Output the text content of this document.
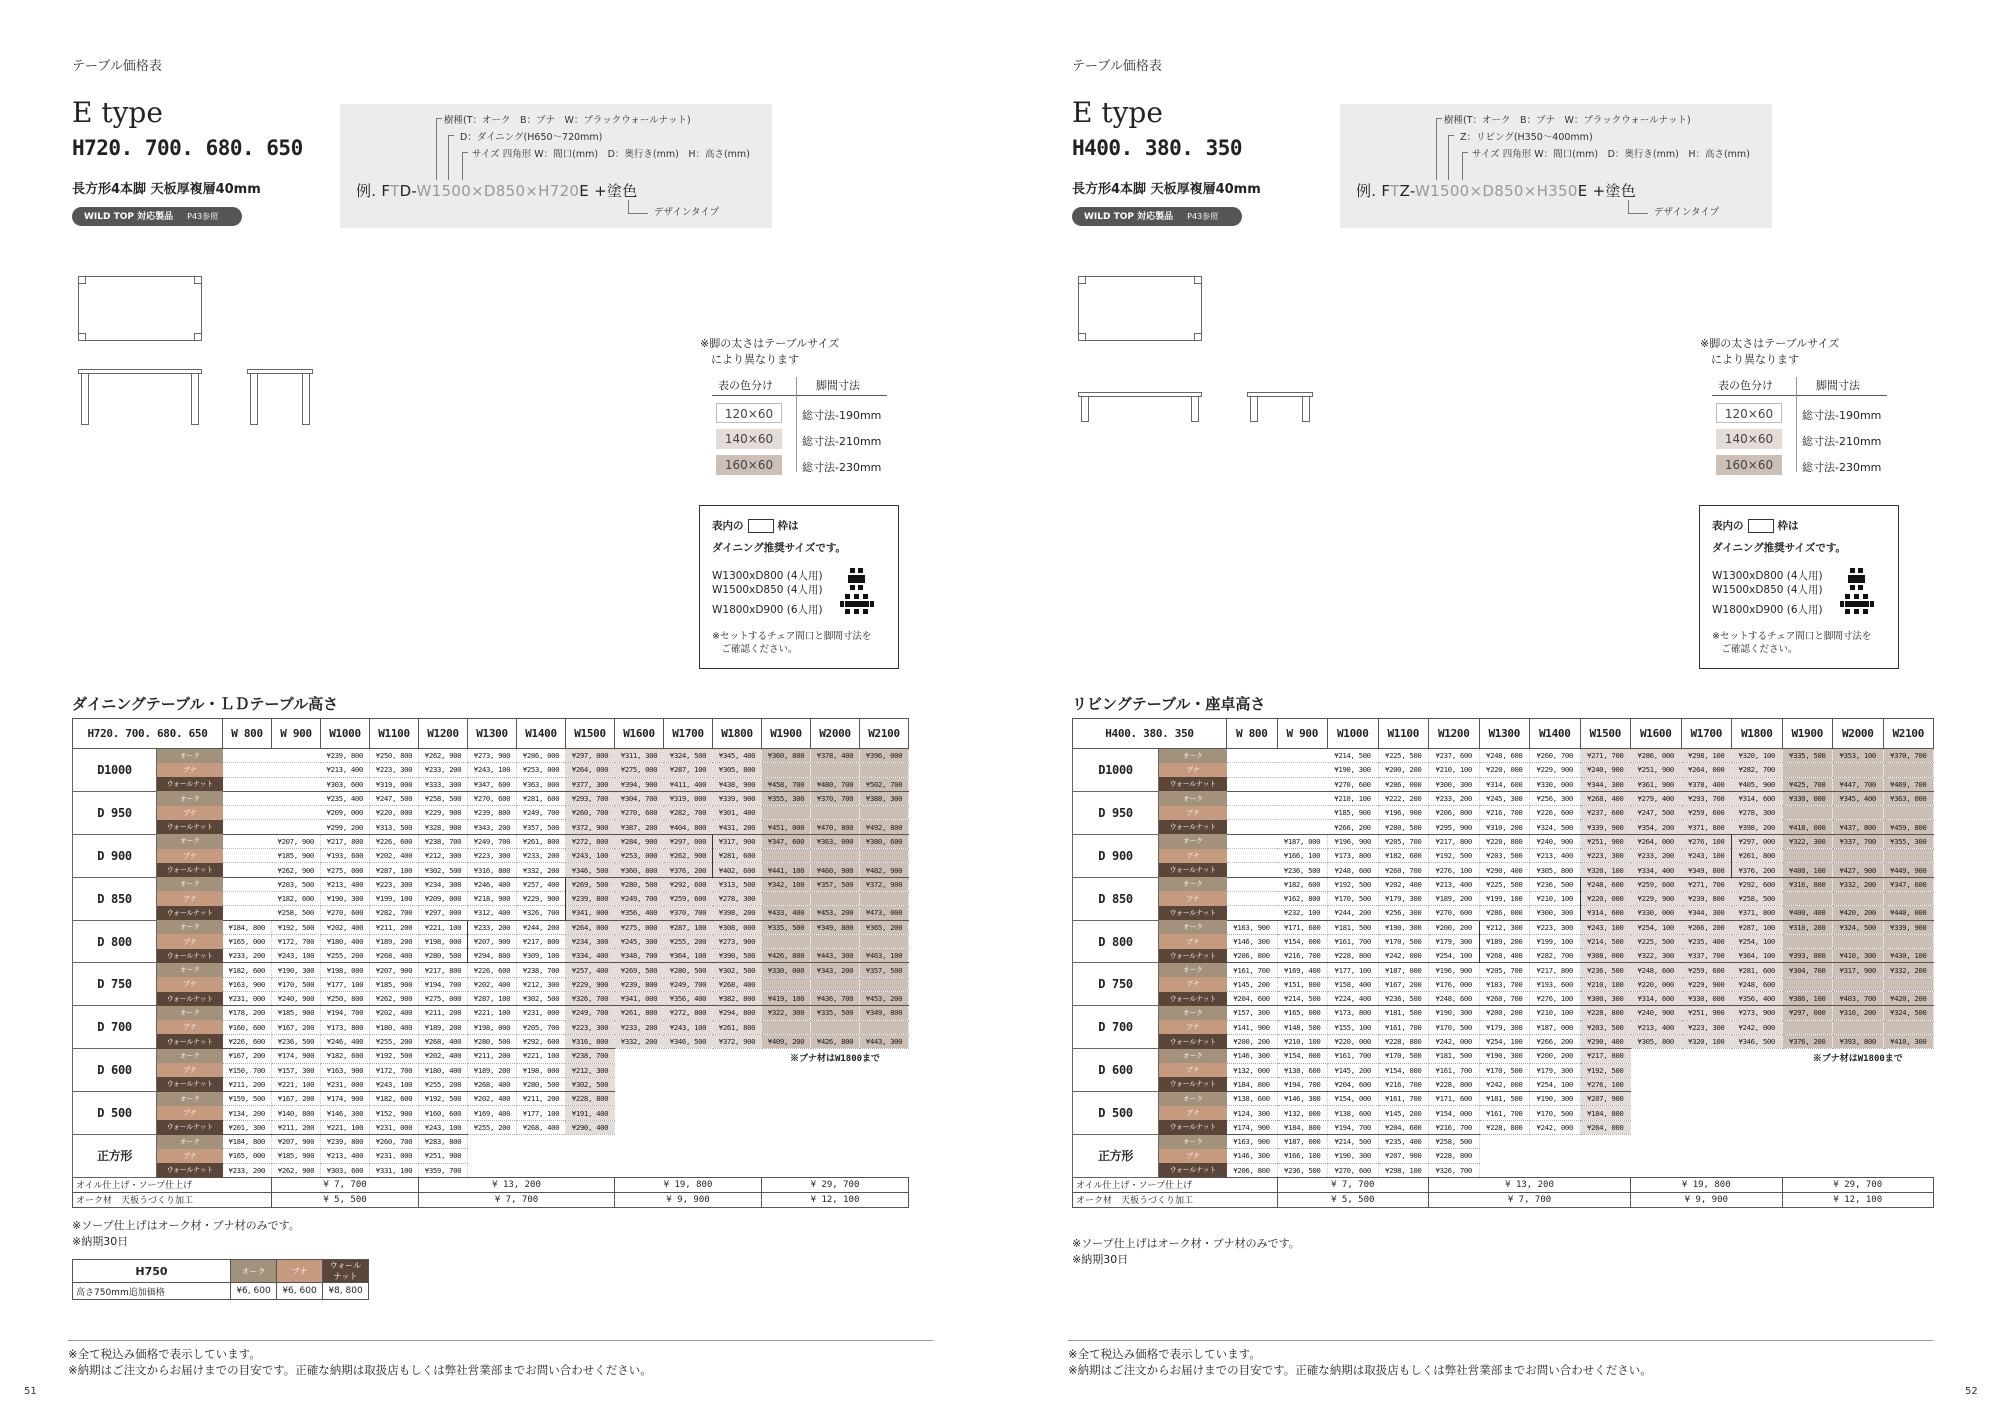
テーブル価格表
E type
H720. 700. 680. 650
長方形4本脚 天板厚複層40mm
WILD TOP 対応製品 P43参照
樹種(T：オーク　B：ブナ　W：ブラックウォールナット)
D：ダイニング(H650〜720mm)
サイズ 四角形 W：間口(mm)　D：奥行き(mm)　H：高さ(mm)
例. FTD-W1500×D850×H720E +塗色
デザインタイプ
※脚の太さはテーブルサイズ
　により異なります
表の色分け	脚間寸法
120×60	総寸法-190mm
140×60	総寸法-210mm
160×60	総寸法-230mm
表内の	枠は
ダイニング推奨サイズです。
W1300xD800 (4人用)
W1500xD850 (4人用)
W1800xD900 (6人用)
※セットするチェア間口と脚間寸法を
　ご確認ください。
ダイニングテーブル・ＬＤテーブル高さ
H720. 700. 680. 650		W 800	W 900	W1000	W1100	W1200	W1300	W1400	W1500	W1600	W1700	W1800	W1900	W2000	W2100
D1000	オーク			¥239, 800	¥250, 800	¥262, 900	¥273, 900	¥286, 000	¥297, 000	¥311, 300	¥324, 500	¥345, 400	¥360, 800	¥378, 400	¥396, 000
	ブナ			¥213, 400	¥223, 300	¥233, 200	¥243, 100	¥253, 000	¥264, 000	¥275, 000	¥287, 100	¥305, 800			
	ウォールナット			¥303, 600	¥319, 000	¥333, 300	¥347, 600	¥363, 000	¥377, 300	¥394, 900	¥411, 400	¥438, 900	¥458, 700	¥480, 700	¥502, 700
D 950	オーク			¥235, 400	¥247, 500	¥258, 500	¥270, 600	¥281, 600	¥293, 700	¥304, 700	¥319, 000	¥339, 900	¥355, 300	¥370, 700	¥388, 300
	ブナ			¥209, 000	¥220, 000	¥229, 900	¥239, 800	¥249, 700	¥260, 700	¥270, 600	¥282, 700	¥301, 400			
	ウォールナット			¥299, 200	¥313, 500	¥328, 900	¥343, 200	¥357, 500	¥372, 900	¥387, 200	¥404, 800	¥431, 200	¥451, 000	¥470, 800	¥492, 800
D 900	オーク		¥207, 900	¥217, 800	¥226, 600	¥238, 700	¥249, 700	¥261, 800	¥272, 800	¥284, 900	¥297, 000	¥317, 900	¥347, 600	¥363, 000	¥380, 600
	ブナ		¥185, 900	¥193, 600	¥202, 400	¥212, 300	¥223, 300	¥233, 200	¥243, 100	¥253, 000	¥262, 900	¥281, 600			
	ウォールナット		¥262, 900	¥275, 000	¥287, 100	¥302, 500	¥316, 800	¥332, 200	¥346, 500	¥360, 800	¥376, 200	¥402, 600	¥441, 100	¥460, 900	¥482, 900
D 850	オーク		¥203, 500	¥213, 400	¥223, 300	¥234, 300	¥246, 400	¥257, 400	¥269, 500	¥280, 500	¥292, 600	¥313, 500	¥342, 100	¥357, 500	¥372, 900
	ブナ		¥182, 600	¥190, 300	¥199, 100	¥209, 000	¥218, 900	¥229, 900	¥239, 800	¥249, 700	¥259, 600	¥278, 300			
	ウォールナット		¥258, 500	¥270, 600	¥282, 700	¥297, 000	¥312, 400	¥326, 700	¥341, 000	¥356, 400	¥370, 700	¥398, 200	¥433, 400	¥453, 200	¥473, 000
D 800	オーク	¥184, 800	¥192, 500	¥202, 400	¥211, 200	¥221, 100	¥233, 200	¥244, 200	¥264, 000	¥275, 000	¥287, 100	¥308, 000	¥335, 500	¥349, 800	¥365, 200
	ブナ	¥165, 000	¥172, 700	¥180, 400	¥189, 200	¥198, 000	¥207, 900	¥217, 800	¥234, 300	¥245, 300	¥255, 200	¥273, 900			
	ウォールナット	¥233, 200	¥243, 100	¥255, 200	¥268, 400	¥280, 500	¥294, 800	¥309, 100	¥334, 400	¥348, 700	¥364, 100	¥390, 500	¥426, 800	¥443, 300	¥463, 100
D 750	オーク	¥182, 600	¥190, 300	¥198, 000	¥207, 900	¥217, 800	¥226, 600	¥238, 700	¥257, 400	¥269, 500	¥280, 500	¥302, 500	¥330, 000	¥343, 200	¥357, 500
	ブナ	¥163, 900	¥170, 500	¥177, 100	¥185, 900	¥194, 700	¥202, 400	¥212, 300	¥229, 900	¥239, 800	¥249, 700	¥268, 400			
	ウォールナット	¥231, 000	¥240, 900	¥250, 800	¥262, 900	¥275, 000	¥287, 100	¥302, 500	¥326, 700	¥341, 000	¥356, 400	¥382, 800	¥419, 100	¥436, 700	¥453, 200
D 700	オーク	¥178, 200	¥185, 900	¥194, 700	¥202, 400	¥211, 200	¥221, 100	¥231, 000	¥249, 700	¥261, 800	¥272, 800	¥294, 800	¥322, 300	¥335, 500	¥349, 800
	ブナ	¥160, 600	¥167, 200	¥173, 800	¥180, 400	¥189, 200	¥198, 000	¥205, 700	¥223, 300	¥233, 200	¥243, 100	¥261, 800			
	ウォールナット	¥226, 600	¥236, 500	¥246, 400	¥255, 200	¥268, 400	¥280, 500	¥292, 600	¥316, 800	¥332, 200	¥346, 500	¥372, 900	¥409, 200	¥426, 800	¥443, 300
D 600	オーク	¥167, 200	¥174, 900	¥182, 600	¥192, 500	¥202, 400	¥211, 200	¥221, 100	¥238, 700				※ブナ材はW1800まで		
	ブナ	¥150, 700	¥157, 300	¥163, 900	¥172, 700	¥180, 400	¥189, 200	¥198, 000	¥212, 300						
	ウォールナット	¥211, 200	¥221, 100	¥231, 000	¥243, 100	¥255, 200	¥268, 400	¥280, 500	¥302, 500						
D 500	オーク	¥159, 500	¥167, 200	¥174, 900	¥182, 600	¥192, 500	¥202, 400	¥211, 200	¥228, 800						
	ブナ	¥134, 200	¥140, 800	¥146, 300	¥152, 900	¥160, 600	¥169, 400	¥177, 100	¥191, 400						
	ウォールナット	¥201, 300	¥211, 200	¥221, 100	¥231, 000	¥243, 100	¥255, 200	¥268, 400	¥290, 400						
正方形	オーク	¥184, 800	¥207, 900	¥239, 800	¥260, 700	¥283, 800									
	ブナ	¥165, 000	¥185, 900	¥213, 400	¥231, 000	¥251, 900									
	ウォールナット	¥233, 200	¥262, 900	¥303, 600	¥331, 100	¥359, 700									
オイル仕上げ・ソープ仕上げ			¥ 7, 700			¥ 13, 200				¥ 19, 800			¥ 29, 700		
オーク材　天板うづくり加工			¥ 5, 500			¥ 7, 700				¥ 9, 900			¥ 12, 100		
※ソープ仕上げはオーク材・ブナ材のみです。
※納期30日
H750	オーク	ブナ	ウォールナット
高さ750mm追加価格	¥6, 600	¥6, 600	¥8, 800
※全て税込み価格で表示しています。
※納期はご注文からお届けまでの目安です。正確な納期は取扱店もしくは弊社営業部までお問い合わせください。
51
テーブル価格表
E type
H400. 380. 350
長方形4本脚 天板厚複層40mm
WILD TOP 対応製品 P43参照
樹種(T：オーク　B：ブナ　W：ブラックウォールナット)
Z：リビング(H350〜400mm)
サイズ 四角形 W：間口(mm)　D：奥行き(mm)　H：高さ(mm)
例. FTZ-W1500×D850×H350E +塗色
デザインタイプ
※脚の太さはテーブルサイズ
　により異なります
表の色分け	脚間寸法
120×60	総寸法-190mm
140×60	総寸法-210mm
160×60	総寸法-230mm
表内の	枠は
ダイニング推奨サイズです。
W1300xD800 (4人用)
W1500xD850 (4人用)
W1800xD900 (6人用)
※セットするチェア間口と脚間寸法を
　ご確認ください。
リビングテーブル・座卓高さ
H400. 380. 350		W 800	W 900	W1000	W1100	W1200	W1300	W1400	W1500	W1600	W1700	W1800	W1900	W2000	W2100
D1000	オーク			¥214, 500	¥225, 500	¥237, 600	¥248, 600	¥260, 700	¥271, 700	¥286, 000	¥298, 100	¥320, 100	¥335, 500	¥353, 100	¥370, 700
	ブナ			¥190, 300	¥200, 200	¥210, 100	¥220, 000	¥229, 900	¥240, 900	¥251, 900	¥264, 000	¥282, 700			
	ウォールナット			¥270, 600	¥286, 000	¥300, 300	¥314, 600	¥330, 000	¥344, 300	¥361, 900	¥378, 400	¥405, 900	¥425, 700	¥447, 700	¥469, 700
D 950	オーク			¥210, 100	¥222, 200	¥233, 200	¥245, 300	¥256, 300	¥268, 400	¥279, 400	¥293, 700	¥314, 600	¥330, 000	¥345, 400	¥363, 000
	ブナ			¥185, 900	¥196, 900	¥206, 800	¥216, 700	¥226, 600	¥237, 600	¥247, 500	¥259, 600	¥278, 300			
	ウォールナット			¥266, 200	¥280, 500	¥295, 900	¥310, 200	¥324, 500	¥339, 900	¥354, 200	¥371, 800	¥398, 200	¥418, 000	¥437, 800	¥459, 800
D 900	オーク		¥187, 000	¥196, 900	¥205, 700	¥217, 800	¥228, 800	¥240, 900	¥251, 900	¥264, 000	¥276, 100	¥297, 000	¥322, 300	¥337, 700	¥355, 300
	ブナ		¥166, 100	¥173, 800	¥182, 600	¥192, 500	¥203, 500	¥213, 400	¥223, 300	¥233, 200	¥243, 100	¥261, 800			
	ウォールナット		¥236, 500	¥248, 600	¥260, 700	¥276, 100	¥290, 400	¥305, 800	¥320, 100	¥334, 400	¥349, 800	¥376, 200	¥408, 100	¥427, 900	¥449, 900
D 850	オーク		¥182, 600	¥192, 500	¥202, 400	¥213, 400	¥225, 500	¥236, 500	¥248, 600	¥259, 600	¥271, 700	¥292, 600	¥316, 800	¥332, 200	¥347, 600
	ブナ		¥162, 800	¥170, 500	¥179, 300	¥189, 200	¥199, 100	¥210, 100	¥220, 000	¥229, 900	¥239, 800	¥258, 500			
	ウォールナット		¥232, 100	¥244, 200	¥256, 300	¥270, 600	¥286, 000	¥300, 300	¥314, 600	¥330, 000	¥344, 300	¥371, 800	¥400, 400	¥420, 200	¥440, 000
D 800	オーク	¥163, 900	¥171, 600	¥181, 500	¥190, 300	¥200, 200	¥212, 300	¥223, 300	¥243, 100	¥254, 100	¥266, 200	¥287, 100	¥310, 200	¥324, 500	¥339, 900
	ブナ	¥146, 300	¥154, 000	¥161, 700	¥170, 500	¥179, 300	¥189, 200	¥199, 100	¥214, 500	¥225, 500	¥235, 400	¥254, 100			
	ウォールナット	¥206, 800	¥216, 700	¥228, 800	¥242, 000	¥254, 100	¥268, 400	¥282, 700	¥308, 000	¥322, 300	¥337, 700	¥364, 100	¥393, 800	¥410, 300	¥430, 100
D 750	オーク	¥161, 700	¥169, 400	¥177, 100	¥187, 000	¥196, 900	¥205, 700	¥217, 800	¥236, 500	¥248, 600	¥259, 600	¥281, 600	¥304, 700	¥317, 900	¥332, 200
	ブナ	¥145, 200	¥151, 800	¥158, 400	¥167, 200	¥176, 000	¥183, 700	¥193, 600	¥210, 100	¥220, 000	¥229, 900	¥248, 600			
	ウォールナット	¥204, 600	¥214, 500	¥224, 400	¥236, 500	¥248, 600	¥260, 700	¥276, 100	¥300, 300	¥314, 600	¥330, 000	¥356, 400	¥386, 100	¥403, 700	¥420, 200
D 700	オーク	¥157, 300	¥165, 000	¥173, 800	¥181, 500	¥190, 300	¥200, 200	¥210, 100	¥228, 800	¥240, 900	¥251, 900	¥273, 900	¥297, 000	¥310, 200	¥324, 500
	ブナ	¥141, 900	¥148, 500	¥155, 100	¥161, 700	¥170, 500	¥179, 300	¥187, 000	¥203, 500	¥213, 400	¥223, 300	¥242, 000			
	ウォールナット	¥200, 200	¥210, 100	¥220, 000	¥228, 800	¥242, 000	¥254, 100	¥266, 200	¥290, 400	¥305, 800	¥320, 100	¥346, 500	¥376, 200	¥393, 800	¥410, 300
D 600	オーク	¥146, 300	¥154, 000	¥161, 700	¥170, 500	¥181, 500	¥190, 300	¥200, 200	¥217, 800				※ブナ材はW1800まで		
	ブナ	¥132, 000	¥138, 600	¥145, 200	¥154, 000	¥161, 700	¥170, 500	¥179, 300	¥192, 500						
	ウォールナット	¥184, 800	¥194, 700	¥204, 600	¥216, 700	¥228, 800	¥242, 000	¥254, 100	¥276, 100						
D 500	オーク	¥138, 600	¥146, 300	¥154, 000	¥161, 700	¥171, 600	¥181, 500	¥190, 300	¥207, 900						
	ブナ	¥124, 300	¥132, 000	¥138, 600	¥145, 200	¥154, 000	¥161, 700	¥170, 500	¥184, 800						
	ウォールナット	¥174, 900	¥184, 800	¥194, 700	¥204, 600	¥216, 700	¥228, 800	¥242, 000	¥264, 000						
正方形	オーク	¥163, 900	¥187, 000	¥214, 500	¥235, 400	¥258, 500									
	ブナ	¥146, 300	¥166, 100	¥190, 300	¥207, 900	¥228, 800									
	ウォールナット	¥206, 800	¥236, 500	¥270, 600	¥298, 100	¥326, 700									
オイル仕上げ・ソープ仕上げ			¥ 7, 700			¥ 13, 200				¥ 19, 800			¥ 29, 700		
オーク材　天板うづくり加工			¥ 5, 500			¥ 7, 700				¥ 9, 900			¥ 12, 100		
※ソープ仕上げはオーク材・ブナ材のみです。
※納期30日
※全て税込み価格で表示しています。
※納期はご注文からお届けまでの目安です。正確な納期は取扱店もしくは弊社営業部までお問い合わせください。
52
